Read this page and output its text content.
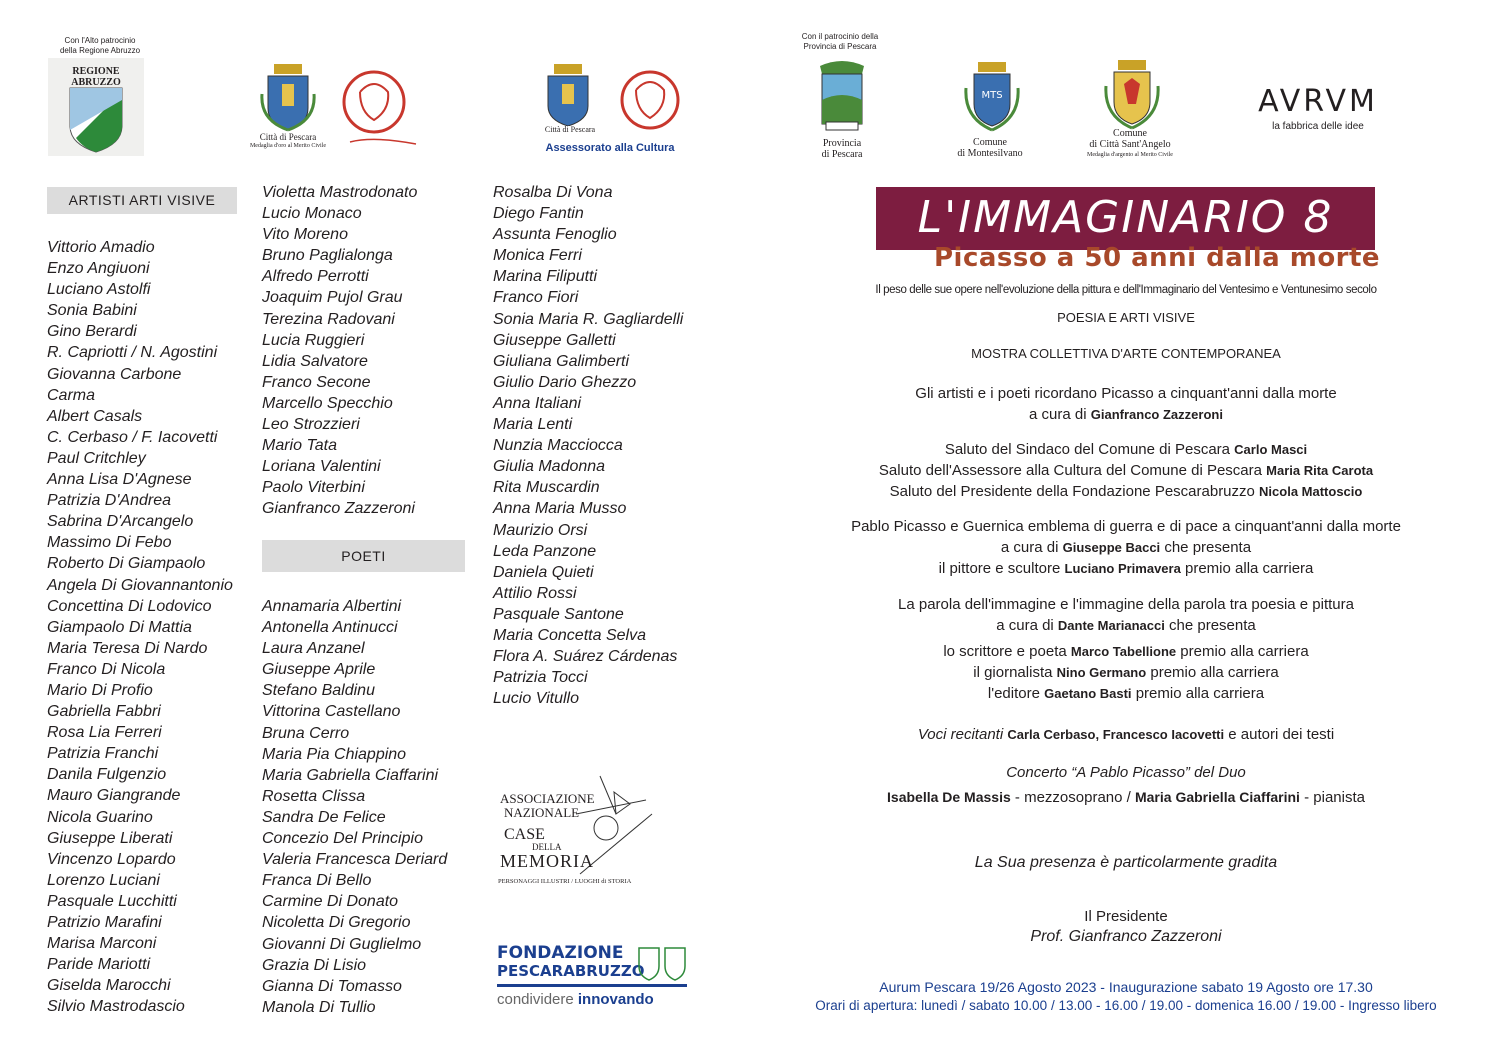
Con l'Alto patrocinio
della Regione Abruzzo
REGIONE ABRUZZO
Città di Pescara
Medaglia d'oro al Merito Civile
Città di Pescara
Assessorato alla Cultura
Con il patrocinio della
Provincia di Pescara
Provincia
di Pescara
MTS
Comune
di Montesilvano
Comune
di Città Sant'Angelo
Medaglia d'argento al Merito Civile
AVRVM
la fabbrica delle idee
ARTISTI ARTI VISIVE
Vittorio Amadio
Enzo Angiuoni
Luciano Astolfi
Sonia Babini
Gino Berardi
R. Capriotti / N. Agostini
Giovanna Carbone
Carma
Albert Casals
C. Cerbaso / F. Iacovetti
Paul Critchley
Anna Lisa D'Agnese
Patrizia D'Andrea
Sabrina D'Arcangelo
Massimo Di Febo
Roberto Di Giampaolo
Angela Di Giovannantonio
Concettina Di Lodovico
Giampaolo Di Mattia
Maria Teresa Di Nardo
Franco Di Nicola
Mario Di Profio
Gabriella Fabbri
Rosa Lia Ferreri
Patrizia Franchi
Danila Fulgenzio
Mauro Giangrande
Nicola Guarino
Giuseppe Liberati
Vincenzo Lopardo
Lorenzo Luciani
Pasquale Lucchitti
Patrizio Marafini
Marisa Marconi
Paride Mariotti
Giselda Marocchi
Silvio Mastrodascio
Violetta Mastrodonato
Lucio Monaco
Vito Moreno
Bruno Paglialonga
Alfredo Perrotti
Joaquim Pujol Grau
Terezina Radovani
Lucia Ruggieri
Lidia Salvatore
Franco Secone
Marcello Specchio
Leo Strozzieri
Mario Tata
Loriana Valentini
Paolo Viterbini
Gianfranco Zazzeroni
POETI
Annamaria Albertini
Antonella Antinucci
Laura Anzanel
Giuseppe Aprile
Stefano Baldinu
Vittorina Castellano
Bruna Cerro
Maria Pia Chiappino
Maria Gabriella Ciaffarini
Rosetta Clissa
Sandra De Felice
Concezio Del Principio
Valeria Francesca Deriard
Franca Di Bello
Carmine Di Donato
Nicoletta Di Gregorio
Giovanni Di Guglielmo
Grazia Di Lisio
Gianna Di Tomasso
Manola Di Tullio
Rosalba Di Vona
Diego Fantin
Assunta Fenoglio
Monica Ferri
Marina Filiputti
Franco Fiori
Sonia Maria R. Gagliardelli
Giuseppe Galletti
Giuliana Galimberti
Giulio Dario Ghezzo
Anna Italiani
Maria Lenti
Nunzia Macciocca
Giulia Madonna
Rita Muscardin
Anna Maria Musso
Maurizio Orsi
Leda Panzone
Daniela Quieti
Attilio Rossi
Pasquale Santone
Maria Concetta Selva
Flora A. Suárez Cárdenas
Patrizia Tocci
Lucio Vitullo
ASSOCIAZIONE
NAZIONALE
CASE
DELLA
MEMORIA
PERSONAGGI ILLUSTRI / LUOGHI di STORIA
FONDAZIONE
PESCARABRUZZO
condividere innovando
L'IMMAGINARIO 8
Picasso a 50 anni dalla morte
Il peso delle sue opere nell'evoluzione della pittura e dell'Immaginario del Ventesimo e Ventunesimo secolo
POESIA E ARTI VISIVE
MOSTRA COLLETTIVA D'ARTE CONTEMPORANEA
Gli artisti e i poeti ricordano Picasso a cinquant'anni dalla morte
a cura di Gianfranco Zazzeroni
Saluto del Sindaco del Comune di Pescara Carlo Masci
Saluto dell'Assessore alla Cultura del Comune di Pescara Maria Rita Carota
Saluto del Presidente della Fondazione Pescarabruzzo Nicola Mattoscio
Pablo Picasso e Guernica emblema di guerra e di pace a cinquant'anni dalla morte
a cura di Giuseppe Bacci che presenta
il pittore e scultore Luciano Primavera premio alla carriera
La parola dell'immagine e l'immagine della parola tra poesia e pittura
a cura di Dante Marianacci che presenta
lo scrittore e poeta Marco Tabellione premio alla carriera
il giornalista Nino Germano premio alla carriera
l'editore Gaetano Basti premio alla carriera
Voci recitanti Carla Cerbaso, Francesco Iacovetti e autori dei testi
Concerto “A Pablo Picasso” del Duo
Isabella De Massis - mezzosoprano / Maria Gabriella Ciaffarini - pianista
La Sua presenza è particolarmente gradita
Il Presidente
Prof. Gianfranco Zazzeroni
Aurum Pescara 19/26 Agosto 2023 - Inaugurazione sabato 19 Agosto ore 17.30
Orari di apertura: lunedì / sabato 10.00 / 13.00 - 16.00 / 19.00 - domenica 16.00 / 19.00 - Ingresso libero
